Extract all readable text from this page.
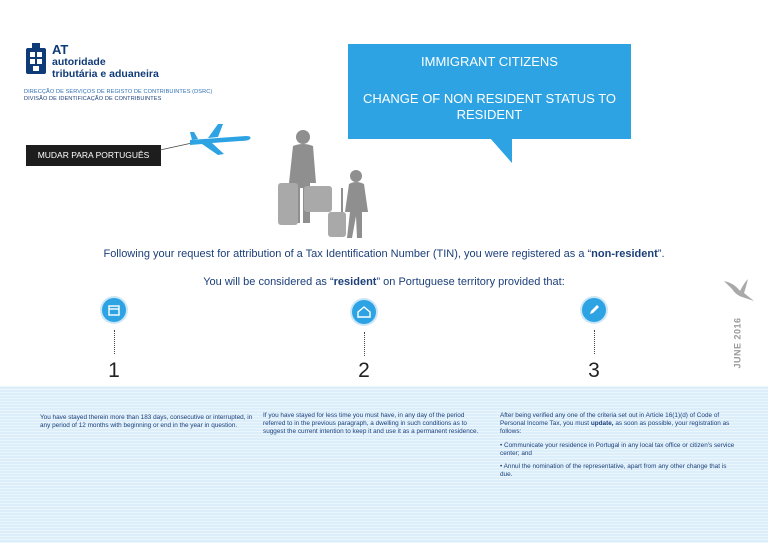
AT
autoridade
tributária e aduaneira
DIRECÇÃO DE SERVIÇOS DE REGISTO DE CONTRIBUINTES (DSRC)
DIVISÃO DE IDENTIFICAÇÃO DE CONTRIBUINTES
IMMIGRANT CITIZENS
CHANGE OF NON RESIDENT STATUS TO RESIDENT
MUDAR PARA PORTUGUÊS
Following your request for attribution of a Tax Identification Number (TIN), you were registered as a “non-resident”.
You will be considered as “resident” on Portuguese territory provided that:
JUNE 2016
1	2	3

You have stayed therein more than 183 days, consecutive or interrupted, in any period of 12 months with beginning or end in the year in question.

If you have stayed for less time you must have, in any day of the period referred to in the previous paragraph, a dwelling in such conditions as to suggest the current intention to keep it and use it as a permanent residence.

After being verified any one of the criteria set out in Article 16(1)(d) of Code of Personal Income Tax, you must update, as soon as possible, your registration as follows:

• Communicate your residence in Portugal in any local tax office or citizen's service center; and

• Annul the nomination of the representative, apart from any other change that is due.
